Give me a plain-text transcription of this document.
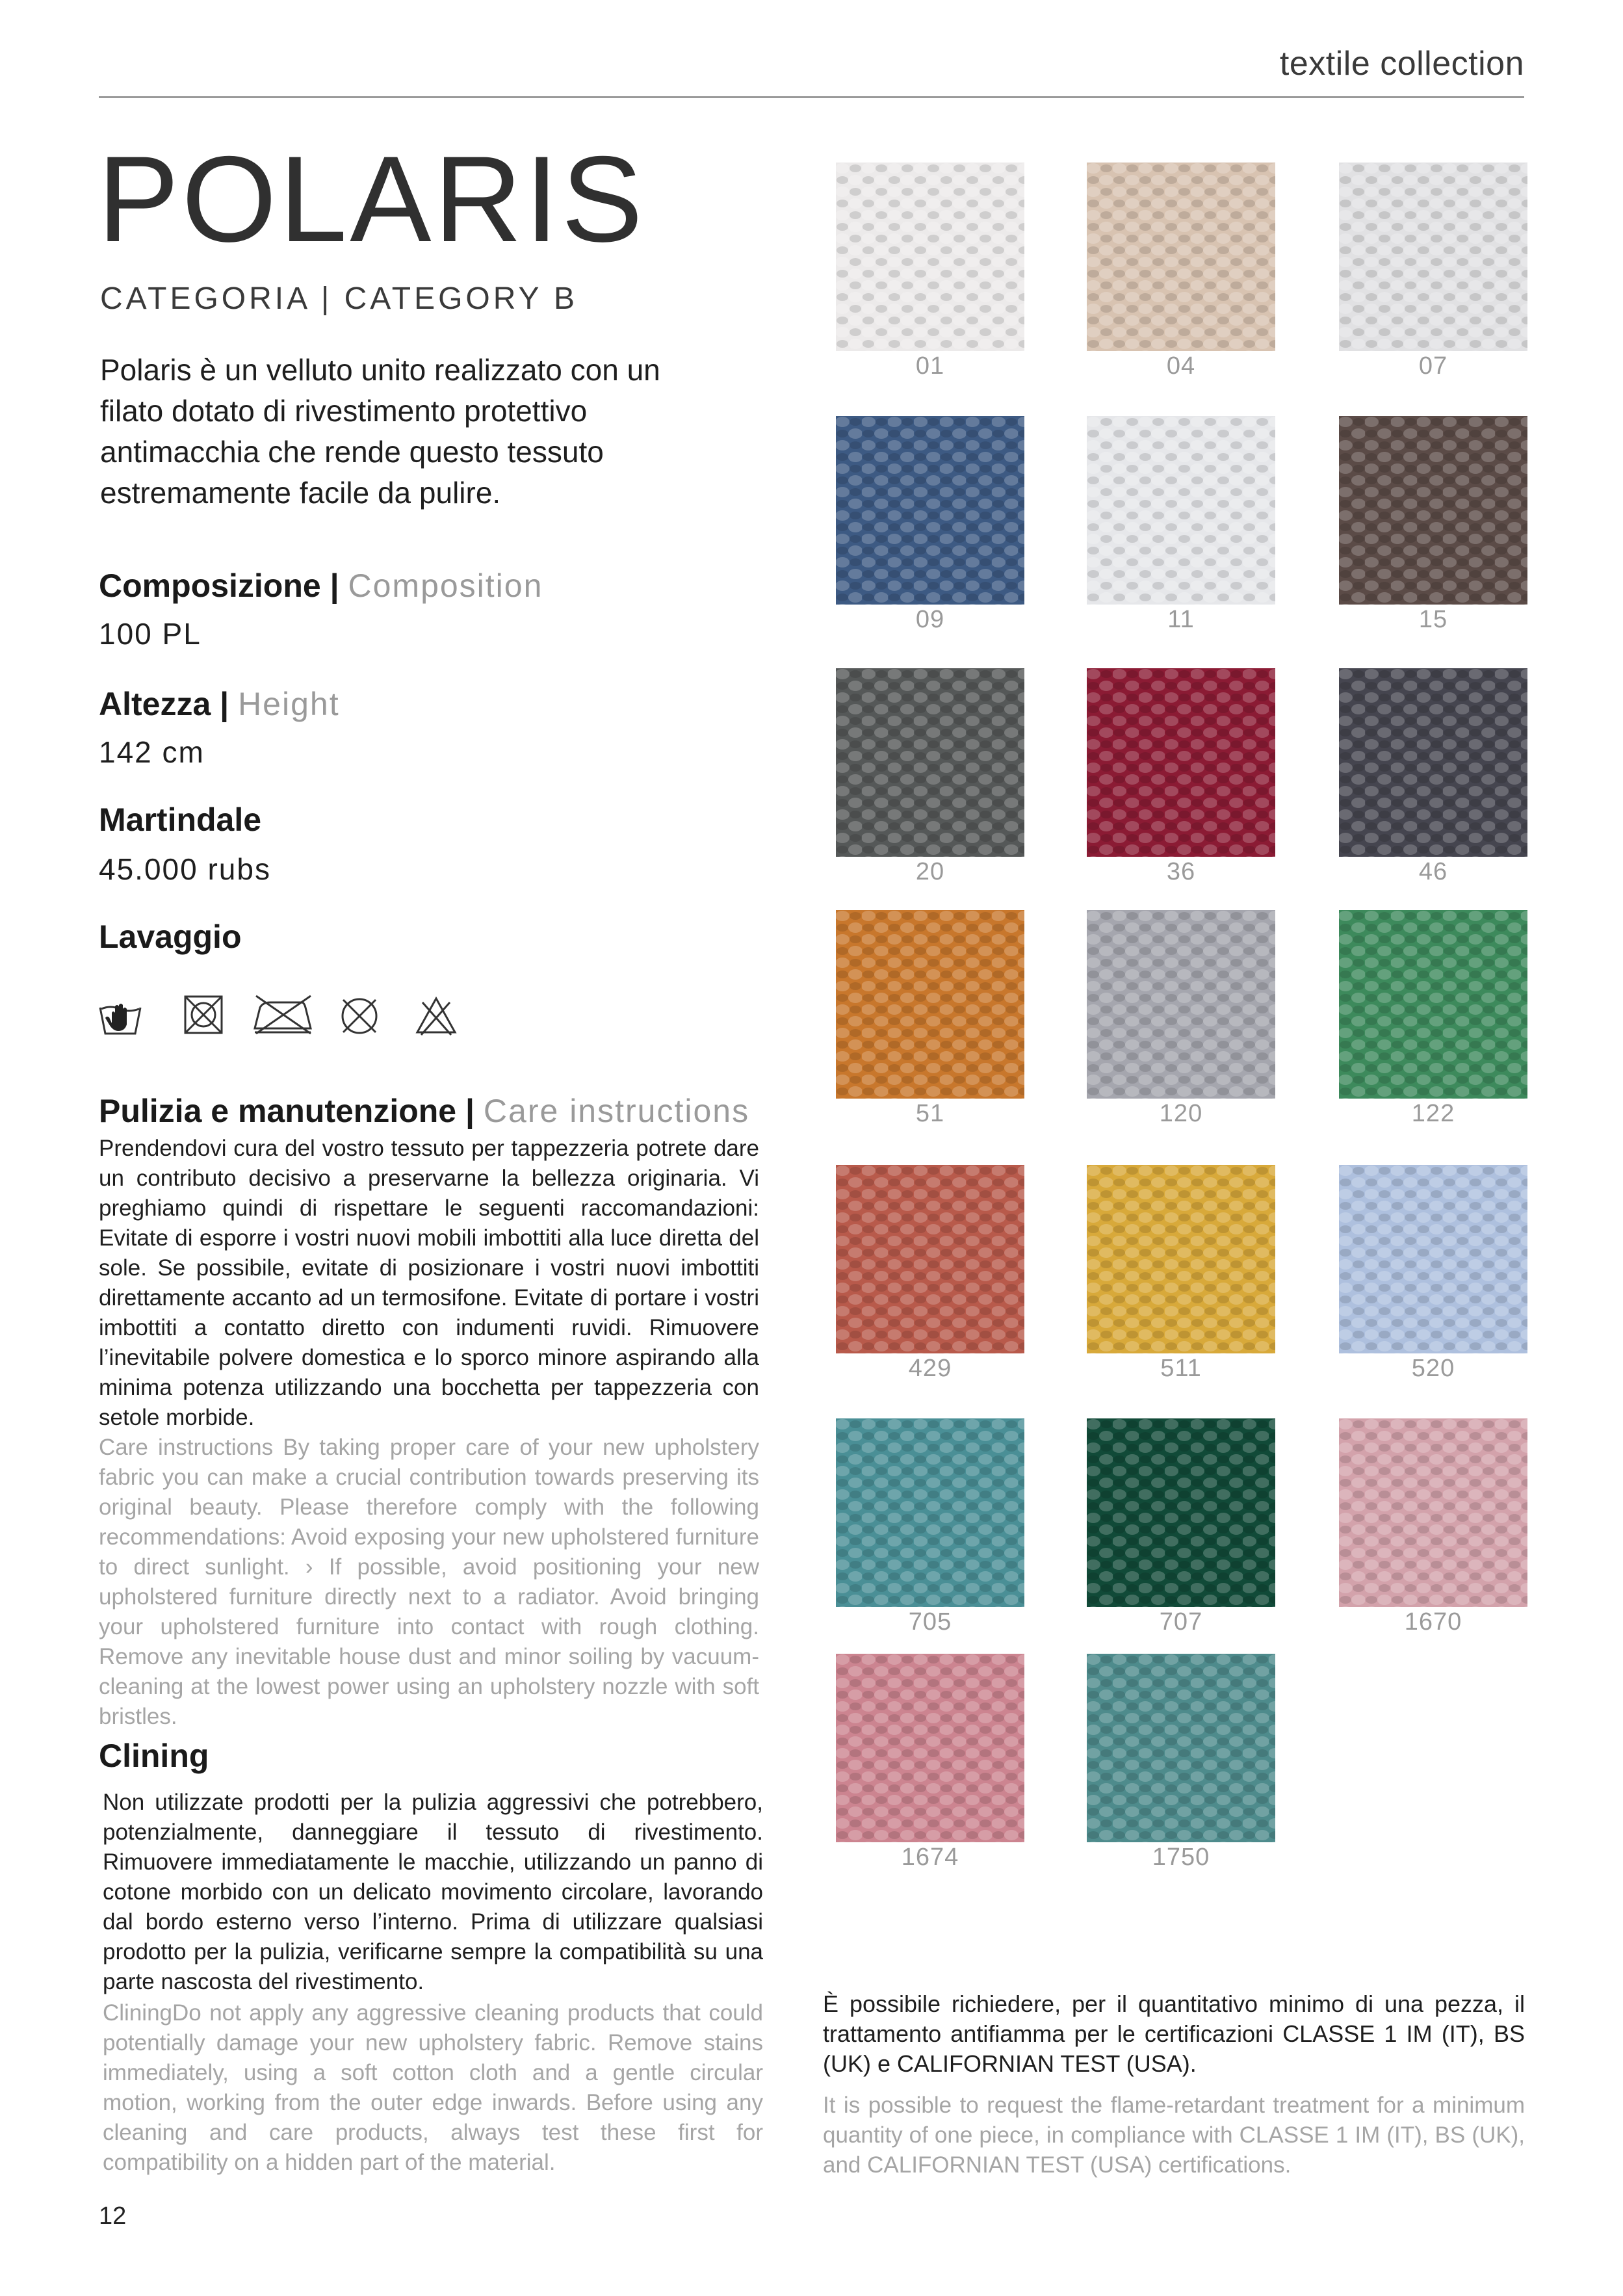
textile collection
POLARIS
CATEGORIA | CATEGORY B
Polaris è un velluto unito realizzato con un filato dotato di rivestimento protettivo antimacchia che rende questo tessuto estremamente facile da pulire.
Composizione | Composition
100 PL
Altezza | Height
142 cm
Martindale
45.000 rubs
Lavaggio
Pulizia e manutenzione | Care instructions

Prendendovi cura del vostro tessuto per tappezzeria potrete dare un contributo decisivo a preservarne la bellezza originaria. Vi preghiamo quindi di rispettare le seguenti raccomandazioni: Evitate di esporre i vostri nuovi mobili imbottiti alla luce diretta del sole. Se possibile, evitate di posizionare i vostri nuovi imbottiti direttamente accanto ad un termosifone. Evitate di portare i vostri imbottiti a contatto diretto con indumenti ruvidi. Rimuovere l’inevitabile polvere domestica e lo sporco minore aspirando alla minima potenza utilizzando una bocchetta per tappezzeria con setole morbide.

Care instructions By taking proper care of your new upholstery fabric you can make a crucial contribution towards preserving its original beauty. Please therefore comply with the following recommendations: Avoid exposing your new upholstered furniture to direct sunlight. › If possible, avoid positioning your new upholstered furniture directly next to a radiator. Avoid bringing your upholstered furniture into contact with rough clothing. Remove any inevitable house dust and minor soiling by vacuum-cleaning at the lowest power using an upholstery nozzle with soft bristles.

Clining

Non utilizzate prodotti per la pulizia aggressivi che potrebbero, potenzialmente, danneggiare il tessuto di rivestimento. Rimuovere immediatamente le macchie, utilizzando un panno di cotone morbido con un delicato movimento circolare, lavorando dal bordo esterno verso l’interno. Prima di utilizzare qualsiasi prodotto per la pulizia, verificarne sempre la compatibilità su una parte nascosta del rivestimento.

CliningDo not apply any aggressive cleaning products that could potentially damage your new upholstery fabric. Remove stains immediately, using a soft cotton cloth and a gentle circular motion, working from the outer edge inwards. Before using any cleaning and care products, always test these first for compatibility on a hidden part of the material.

01	04	07
09	11	15
20	36	46
51	120	122
429	511	520
705	707	1670
1674	1750

È possibile richiedere, per il quantitativo minimo di una pezza, il trattamento antifiamma per le certificazioni CLASSE 1 IM (IT), BS (UK) e CALIFORNIAN TEST (USA).

It is possible to request the flame-retardant treatment for a minimum quantity of one piece, in compliance with CLASSE 1 IM (IT), BS (UK), and CALIFORNIAN TEST (USA) certifications.

12
